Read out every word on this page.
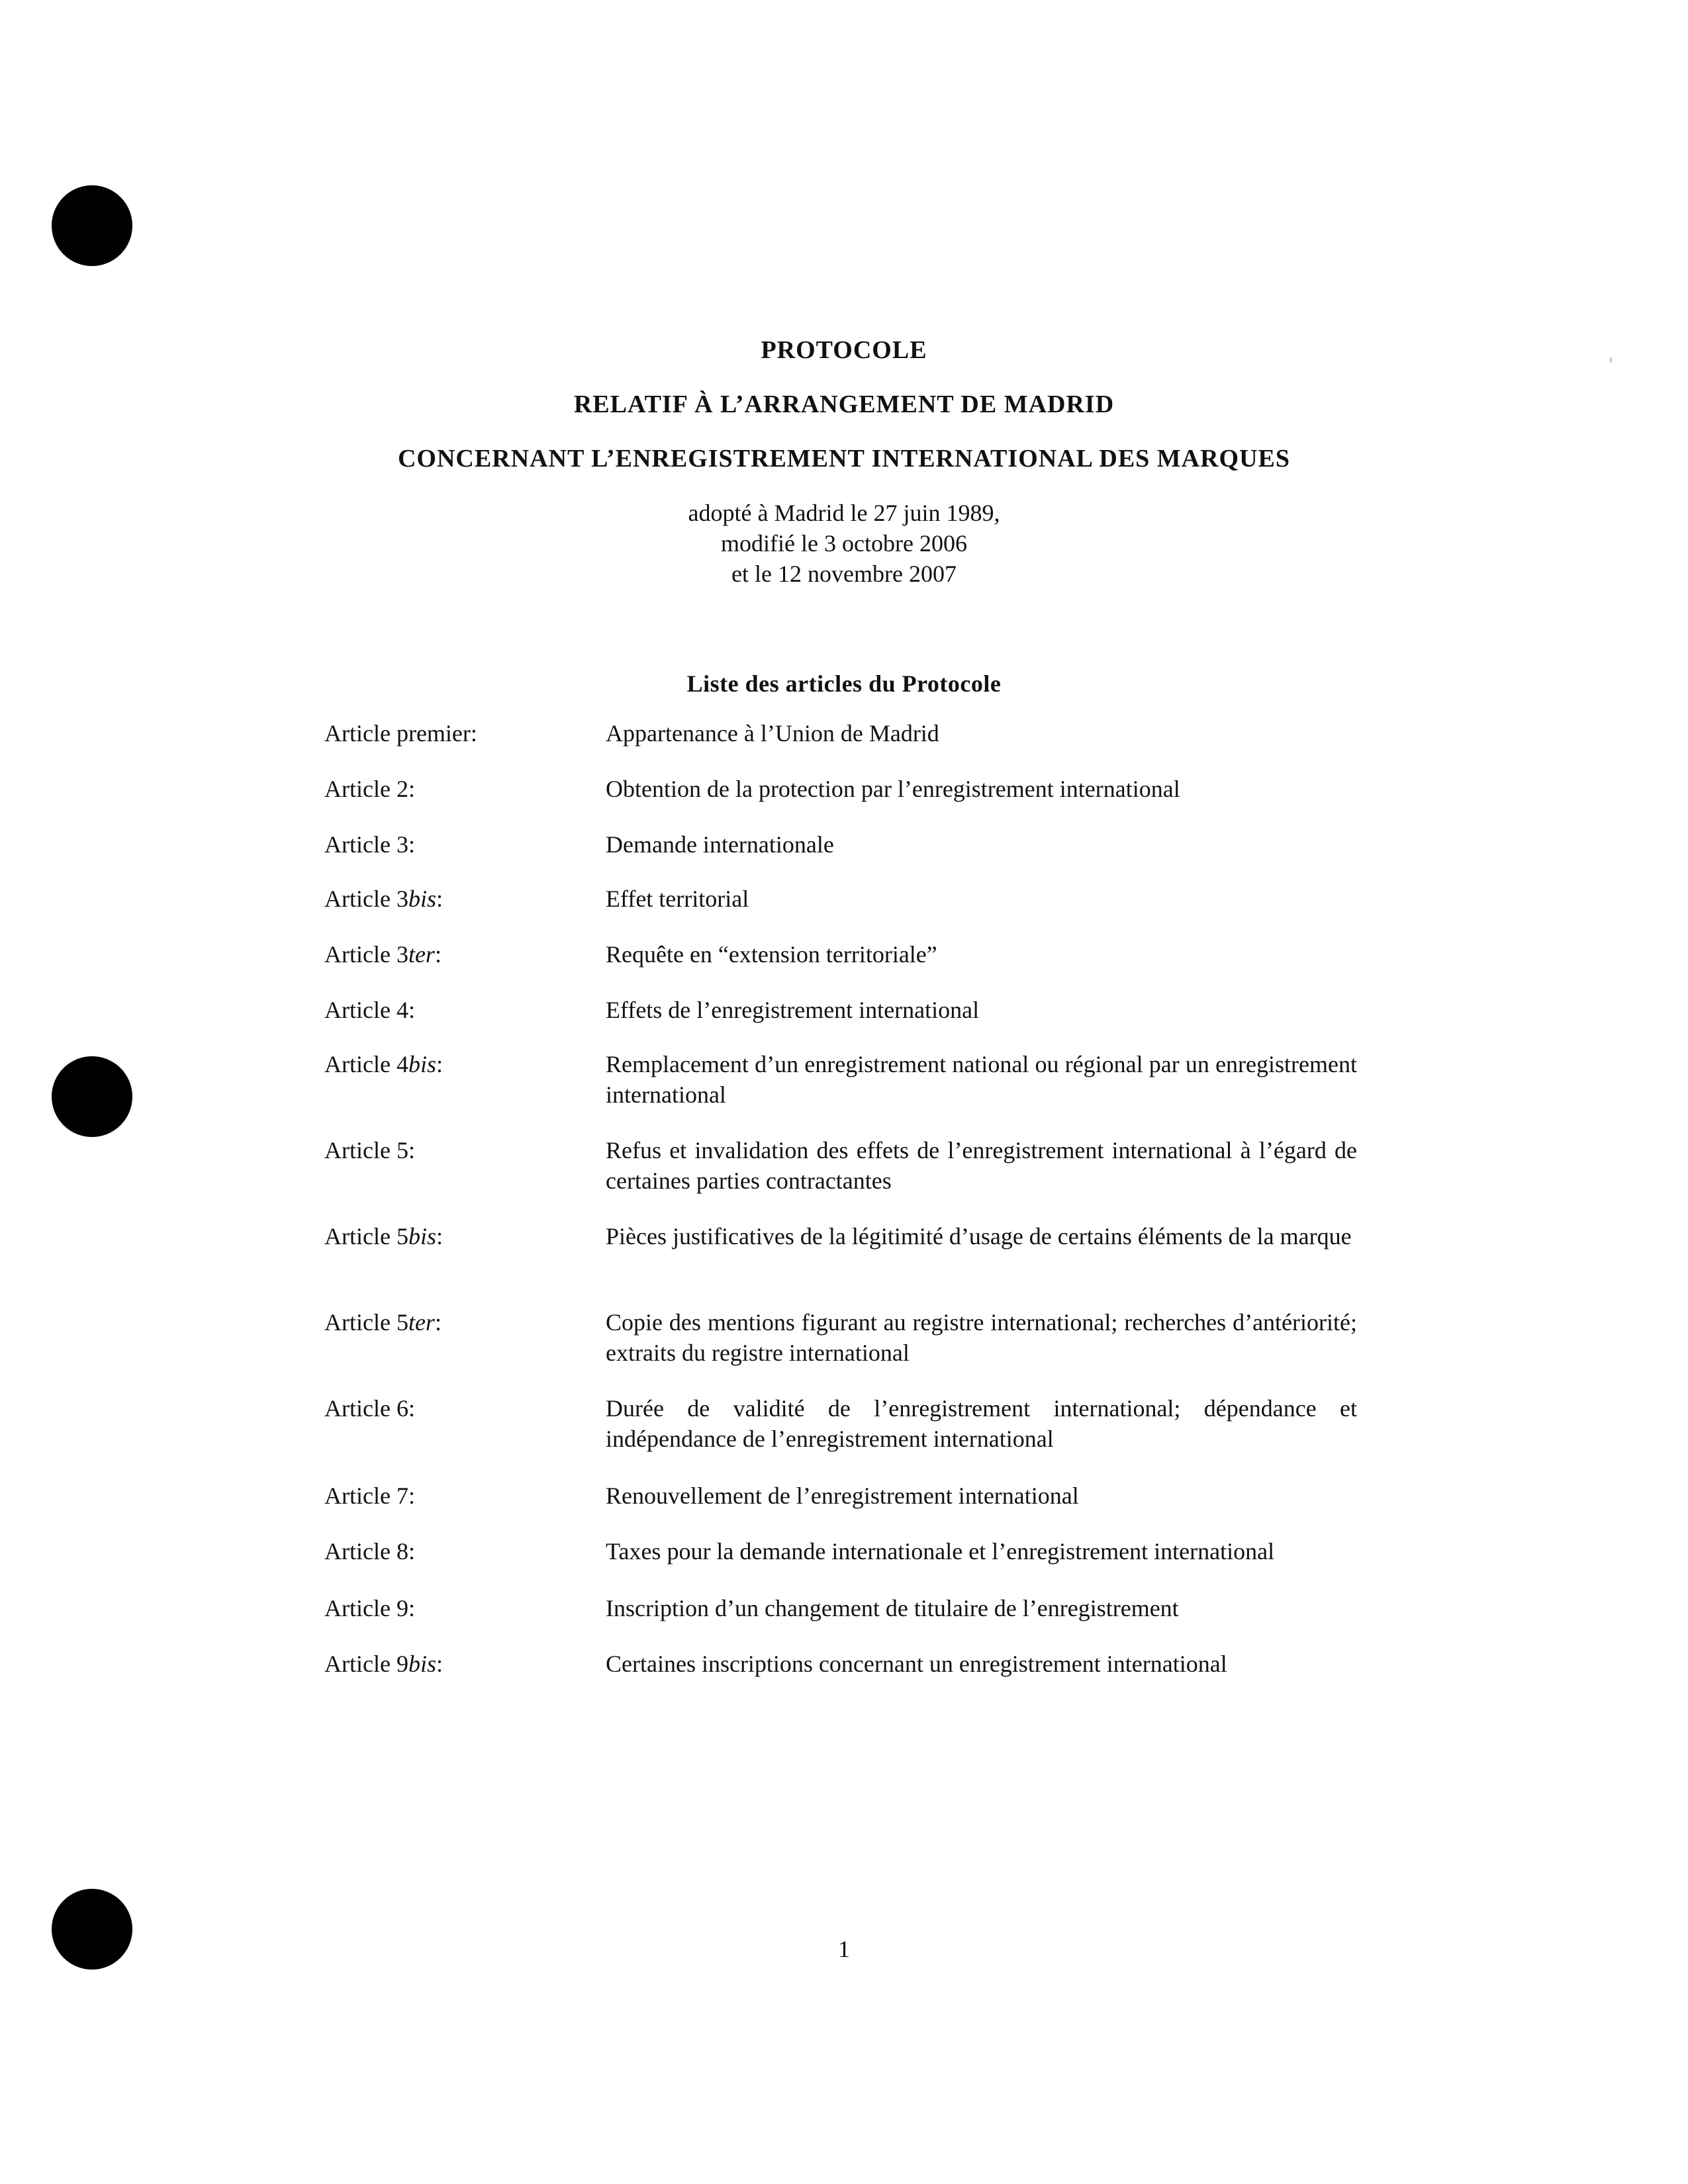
PROTOCOLE
RELATIF À L’ARRANGEMENT DE MADRID
CONCERNANT L’ENREGISTREMENT INTERNATIONAL DES MARQUES
adopté à Madrid le 27 juin 1989,
modifié le 3 octobre 2006
et le 12 novembre 2007
Liste des articles du Protocole
Article premier:	Appartenance à l’Union de Madrid
Article 2:	Obtention de la protection par l’enregistrement international
Article 3:	Demande internationale
Article 3bis:	Effet territorial
Article 3ter:	Requête en “extension territoriale”
Article 4:	Effets de l’enregistrement international
Article 4bis:	Remplacement d’un enregistrement national ou régional par un enregistrement international
Article 5:	Refus et invalidation des effets de l’enregistrement international à l’égard de certaines parties contractantes
Article 5bis:	Pièces justificatives de la légitimité d’usage de certains éléments de la marque
Article 5ter:	Copie des mentions figurant au registre international; recherches d’antériorité; extraits du registre international
Article 6:	Durée de validité de l’enregistrement international; dépendance et indépendance de l’enregistrement international
Article 7:	Renouvellement de l’enregistrement international
Article 8:	Taxes pour la demande internationale et l’enregistrement international
Article 9:	Inscription d’un changement de titulaire de l’enregistrement
Article 9bis:	Certaines inscriptions concernant un enregistrement international
1
